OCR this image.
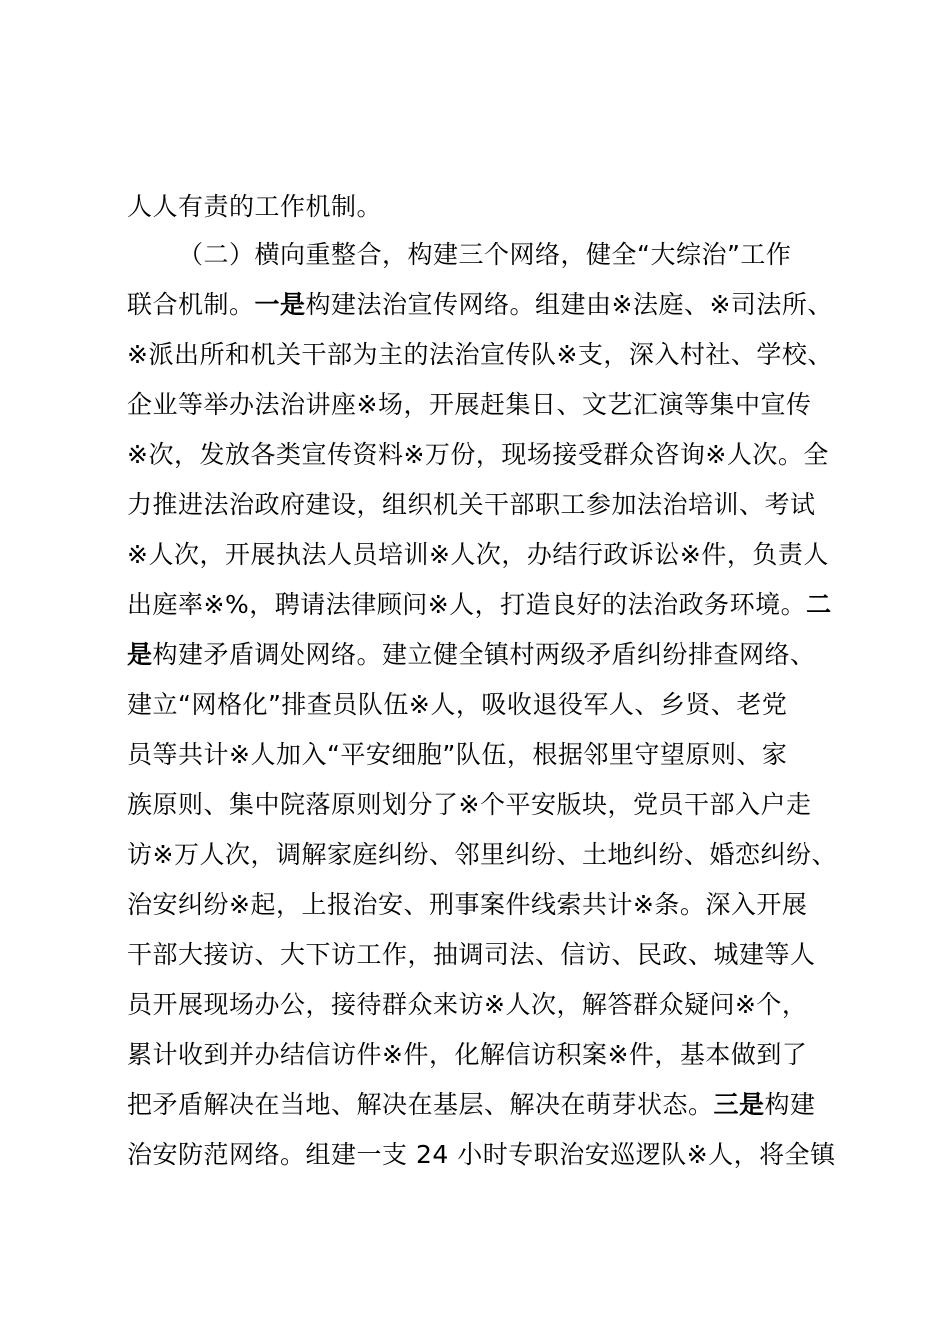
人人有责的工作机制。
（二）横向重整合，构建三个网络，健全“大综治”工作
联合机制。一是构建法治宣传网络。组建由※法庭、※司法所、
※派出所和机关干部为主的法治宣传队※支，深入村社、学校、
企业等举办法治讲座※场，开展赶集日、文艺汇演等集中宣传
※次，发放各类宣传资料※万份，现场接受群众咨询※人次。全
力推进法治政府建设，组织机关干部职工参加法治培训、考试
※人次，开展执法人员培训※人次，办结行政诉讼※件，负责人
出庭率※%，聘请法律顾问※人，打造良好的法治政务环境。二
是构建矛盾调处网络。建立健全镇村两级矛盾纠纷排查网络、
建立“网格化”排查员队伍※人，吸收退役军人、乡贤、老党
员等共计※人加入“平安细胞”队伍，根据邻里守望原则、家
族原则、集中院落原则划分了※个平安版块，党员干部入户走
访※万人次，调解家庭纠纷、邻里纠纷、土地纠纷、婚恋纠纷、
治安纠纷※起，上报治安、刑事案件线索共计※条。深入开展
干部大接访、大下访工作，抽调司法、信访、民政、城建等人
员开展现场办公，接待群众来访※人次，解答群众疑问※个，
累计收到并办结信访件※件，化解信访积案※件，基本做到了
把矛盾解决在当地、解决在基层、解决在萌芽状态。三是构建
治安防范网络。组建一支 24 小时专职治安巡逻队※人，将全镇
